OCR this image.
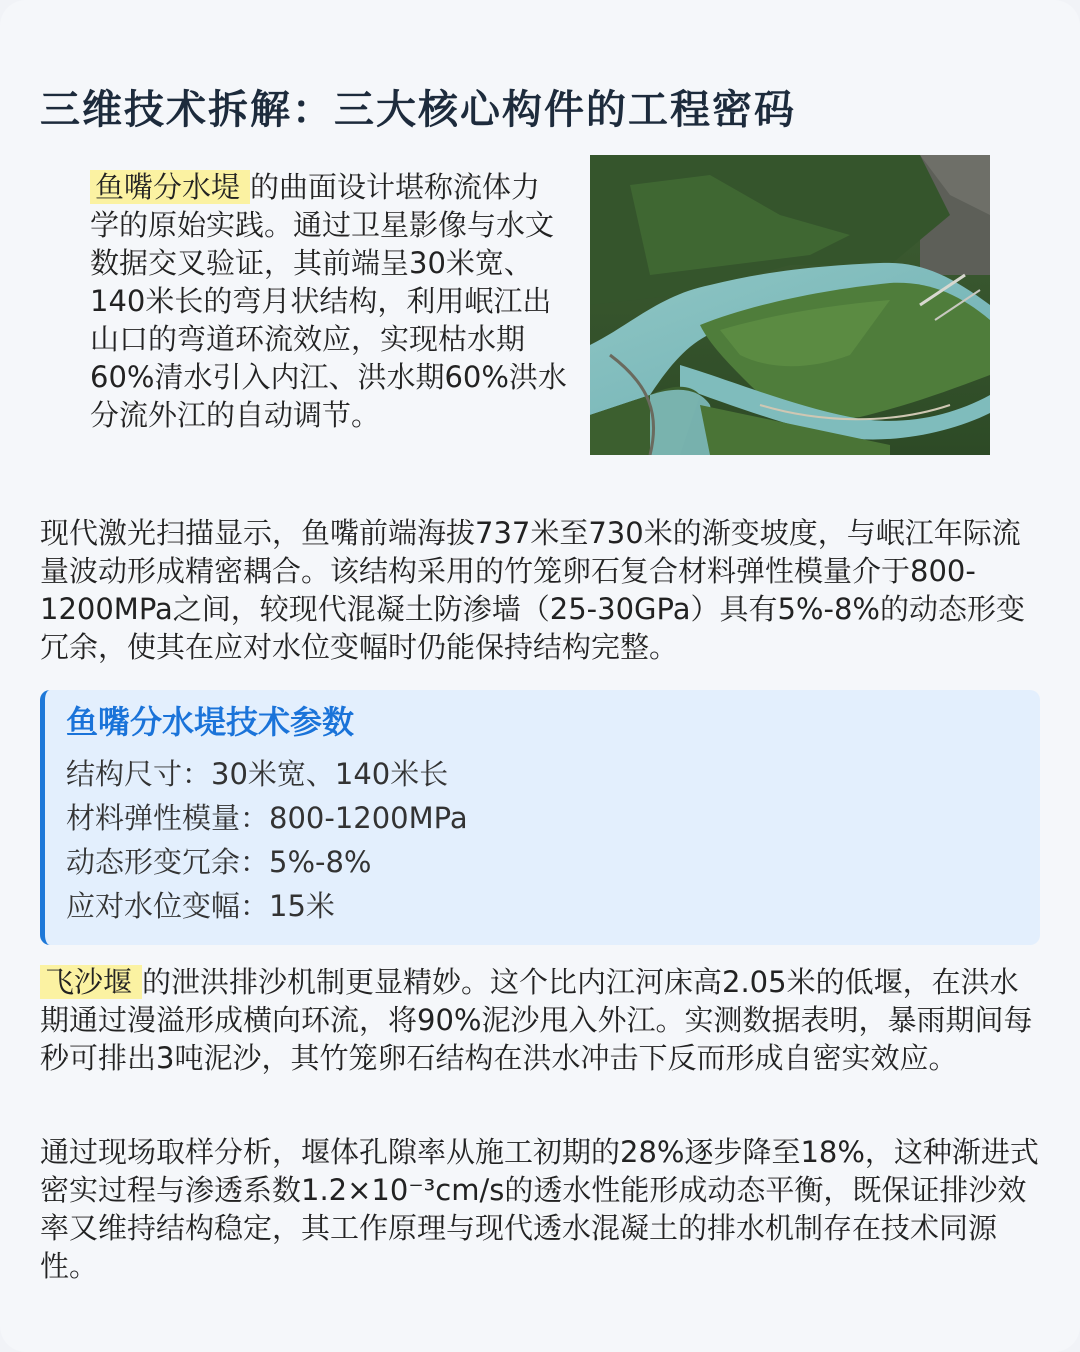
三维技术拆解：三大核心构件的工程密码

鱼嘴分水堤 的曲面设计堪称流体力学的原始实践。通过卫星影像与水文数据交叉验证，其前端呈30米宽、140米长的弯月状结构，利用岷江出山口的弯道环流效应，实现枯水期60%清水引入内江、洪水期60%洪水分流外江的自动调节。

现代激光扫描显示，鱼嘴前端海拔737米至730米的渐变坡度，与岷江年际流量波动形成精密耦合。该结构采用的竹笼卵石复合材料弹性模量介于800-1200MPa之间，较现代混凝土防渗墙（25-30GPa）具有5%-8%的动态形变冗余，使其在应对水位变幅时仍能保持结构完整。

鱼嘴分水堤技术参数

结构尺寸：30米宽、140米长

材料弹性模量：800-1200MPa

动态形变冗余：5%-8%

应对水位变幅：15米

飞沙堰 的泄洪排沙机制更显精妙。这个比内江河床高2.05米的低堰，在洪水期通过漫溢形成横向环流，将90%泥沙甩入外江。实测数据表明，暴雨期间每秒可排出3吨泥沙，其竹笼卵石结构在洪水冲击下反而形成自密实效应。

通过现场取样分析，堰体孔隙率从施工初期的28%逐步降至18%，这种渐进式密实过程与渗透系数1.2×10⁻³cm/s的透水性能形成动态平衡，既保证排沙效率又维持结构稳定，其工作原理与现代透水混凝土的排水机制存在技术同源性。
